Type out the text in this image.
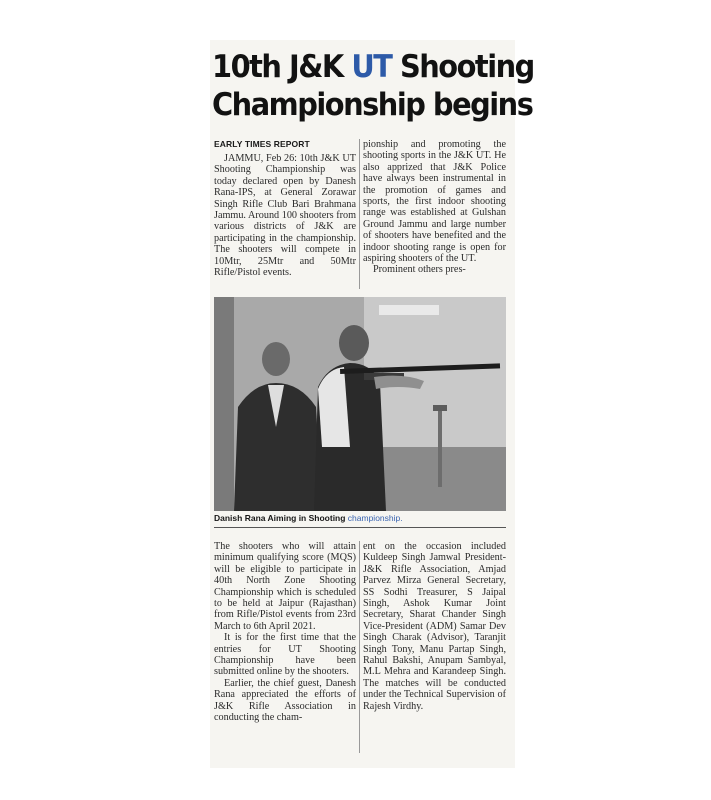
10th J&K UT Shooting
Championship begins
EARLY TIMES REPORT

JAMMU, Feb 26: 10th J&K UT Shooting Championship was today declared open by Danesh Rana-IPS, at General Zorawar Singh Rifle Club Bari Brahmana Jammu. Around 100 shooters from various districts of J&K are participating in the championship. The shooters will compete in 10Mtr, 25Mtr and 50Mtr Rifle/Pistol events.

pionship and promoting the shooting sports in the J&K UT. He also apprized that J&K Police have always been instrumental in the promotion of games and sports, the first indoor shooting range was established at Gulshan Ground Jammu and large number of shooters have benefited and the indoor shooting range is open for aspiring shooters of the UT.

Prominent others pres-

Danish Rana Aiming in Shooting championship.

The shooters who will attain minimum qualifying score (MQS) will be eligible to participate in 40th North Zone Shooting Championship which is scheduled to be held at Jaipur (Rajasthan) from Rifle/Pistol events from 23rd March to 6th April 2021.

It is for the first time that the entries for UT Shooting Championship have been submitted online by the shooters.

Earlier, the chief guest, Danesh Rana appreciated the efforts of J&K Rifle Association in conducting the cham-

ent on the occasion included Kuldeep Singh Jamwal President-J&K Rifle Association, Amjad Parvez Mirza General Secretary, SS Sodhi Treasurer, S Jaipal Singh, Ashok Kumar Joint Secretary, Sharat Chander Singh Vice-President (ADM) Samar Dev Singh Charak (Advisor), Taranjit Singh Tony, Manu Partap Singh, Rahul Bakshi, Anupam Sambyal, M.L Mehra and Karandeep Singh. The matches will be conducted under the Technical Supervision of Rajesh Virdhy.
